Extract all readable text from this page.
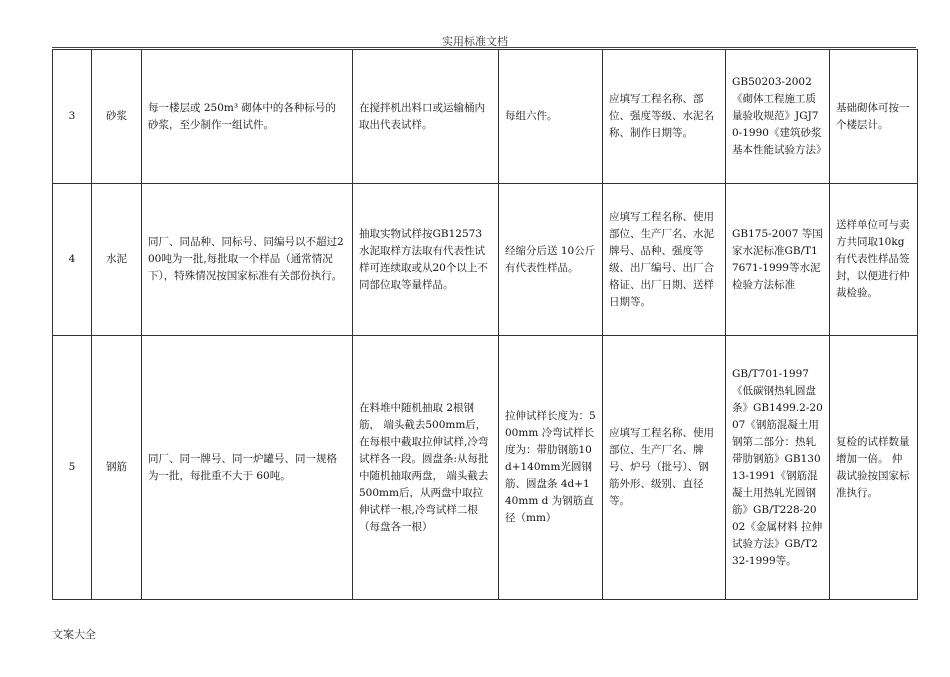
实用标准文档
3	砂浆	每一楼层或 250m³ 砌体中的各种标号的砂浆，至少制作一组试件。	在搅拌机出料口或运输桶内取出代表试样。	每组六件。	应填写工程名称、部位、强度等级、水泥名称、制作日期等。	GB50203-2002《砌体工程施工质量验收规范》JGJ70-1990《建筑砂浆基本性能试验方法》	基础砌体可按一个楼层计。
4	水泥	同厂、同品种、同标号、同编号以不超过200吨为一批,每批取一个样品（通常情况下），特殊情况按国家标准有关部份执行。	抽取实物试样按GB12573 水泥取样方法取有代表性试样可连续取或从20个以上不同部位取等量样品。	经缩分后送 10公斤有代表性样品。	应填写工程名称、使用部位、生产厂名、水泥牌号、品种、强度等级、出厂编号、出厂合格证、出厂日期、送样日期等。	GB175-2007 等国家水泥标准GB/T17671-1999等水泥检验方法标准	送样单位可与卖方共同取10kg有代表性样品签封，以便进行仲裁检验。
5	钢筋	同厂、同一牌号、同一炉罐号、同一规格为一批，每批重不大于 60吨。	在料堆中随机抽取 2根钢筋， 端头截去500mm后，在每根中截取拉伸试样,冷弯试样各一段。圆盘条:从每批中随机抽取两盘， 端头截去500mm后，从两盘中取拉伸试样一根,冷弯试样二根（每盘各一根）	拉伸试样长度为：500mm 冷弯试样长度为：带肋钢筋10d+140mm光圆钢筋、圆盘条 4d+140mm d 为钢筋直径（mm）	应填写工程名称、使用部位、生产厂名、牌号、炉号（批号）、钢筋外形、级别、直径等。	GB/T701-1997《低碳钢热轧圆盘条》GB1499.2-2007《钢筋混凝土用钢第二部分：热轧带肋钢筋》GB13013-1991《钢筋混凝土用热轧光圆钢筋》GB/T228-2002《金属材料 拉伸试验方法》GB/T232-1999等。	复检的试样数量增加一倍。 仲裁试验按国家标准执行。
文案大全
